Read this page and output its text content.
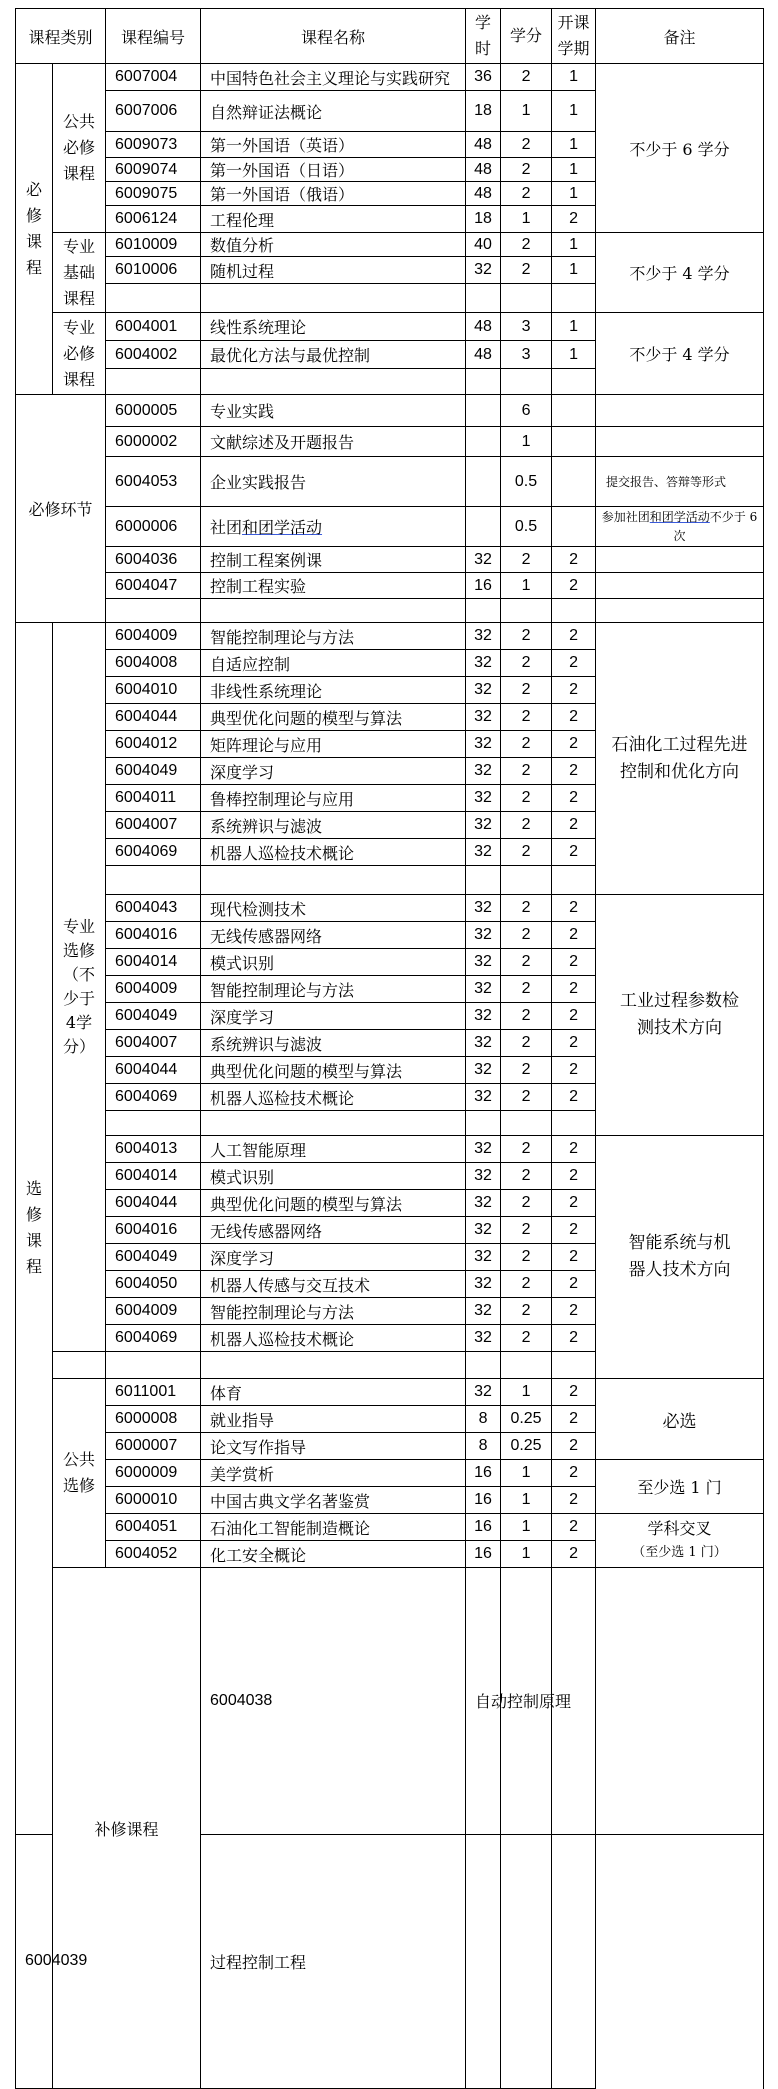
课程类别		课程编号	课程名称	学时	学分	开课学期	备注	
必修课程	公共必修课程	6007004	中国特色社会主义理论与实践研究	36	2	1	不少于 6 学分	
		6007006	自然辩证法概论	18	1	1		
		6009073	第一外国语（英语）	48	2	1		
		6009074	第一外国语（日语）	48	2	1		
		6009075	第一外国语（俄语）	48	2	1		
		6006124	工程伦理	18	1	2		
	专业基础课程	6010009	数值分析	40	2	1	不少于 4 学分	
		6010006	随机过程	32	2	1		

	专业必修课程	6004001	线性系统理论	48	3	1	不少于 4 学分	
		6004002	最优化方法与最优控制	48	3	1		

必修环节		6000005	专业实践		6			
		6000002	文献综述及开题报告		1			
		6004053	企业实践报告		0.5		提交报告、答辩等形式	
		6000006	社团和团学活动		0.5		参加社团和团学活动不少于 6 次	
		6004036	控制工程案例课	32	2	2		
		6004047	控制工程实验	16	1	2		

选修课程	专业选修（不少于4学分）	6004009	智能控制理论与方法	32	2	2	石油化工过程先进控制和优化方向	
		6004008	自适应控制	32	2	2		
		6004010	非线性系统理论	32	2	2		
		6004044	典型优化问题的模型与算法	32	2	2		
		6004012	矩阵理论与应用	32	2	2		
		6004049	深度学习	32	2	2		
		6004011	鲁棒控制理论与应用	32	2	2		
		6004007	系统辨识与滤波	32	2	2		
		6004069	机器人巡检技术概论	32	2	2		

		6004043	现代检测技术	32	2	2	工业过程参数检测技术方向	
		6004016	无线传感器网络	32	2	2		
		6004014	模式识别	32	2	2		
		6004009	智能控制理论与方法	32	2	2		
		6004049	深度学习	32	2	2		
		6004007	系统辨识与滤波	32	2	2		
		6004044	典型优化问题的模型与算法	32	2	2		
		6004069	机器人巡检技术概论	32	2	2		

		6004013	人工智能原理	32	2	2	智能系统与机器人技术方向	
		6004014	模式识别	32	2	2		
		6004044	典型优化问题的模型与算法	32	2	2		
		6004016	无线传感器网络	32	2	2		
		6004049	深度学习	32	2	2		
		6004050	机器人传感与交互技术	32	2	2		
		6004009	智能控制理论与方法	32	2	2		
		6004069	机器人巡检技术概论	32	2	2		

	公共选修	6011001	体育	32	1	2	必选	
		6000008	就业指导	8	0.25	2		
		6000007	论文写作指导	8	0.25	2		
		6000009	美学赏析	16	1	2	至少选 1 门	
		6000010	中国古典文学名著鉴赏	16	1	2		
		6004051	石油化工智能制造概论	16	1	2	学科交叉
（至少选 1 门）	

		6004052	化工安全概论	16	1	2		
	补修课程		6004038	自动控制原理				
6004039			过程控制工程					
